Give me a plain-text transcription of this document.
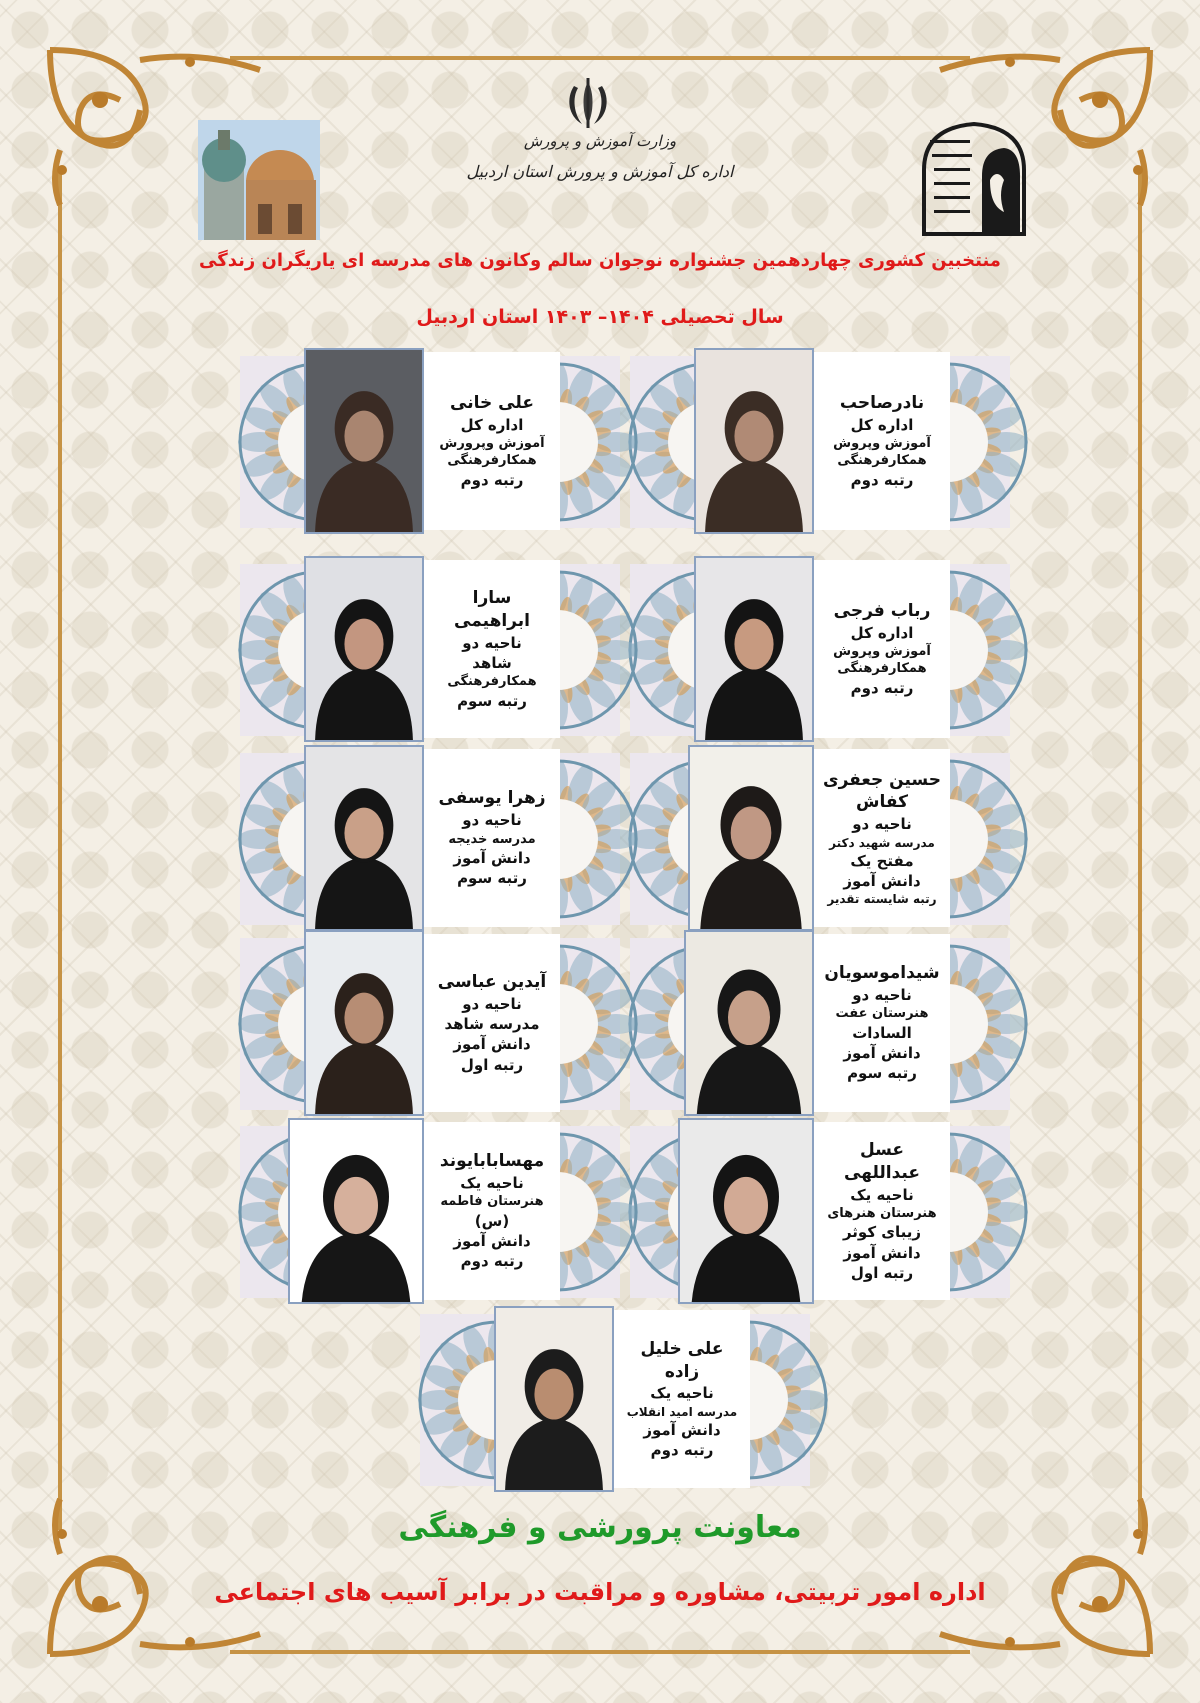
وزارت آموزش و پرورش
اداره کل آموزش و پرورش استان اردبیل
منتخبین کشوری چهاردهمین جشنواره نوجوان سالم وکانون های مدرسه ای یاریگران زندگی
سال تحصیلی ۱۴۰۴– ۱۴۰۳ استان اردبیل
نادرصاحب
اداره کل
آموزش وپروش
همکارفرهنگی
رتبه دوم
علی خانی
اداره کل
آموزش وپرورش
همکارفرهنگی
رتبه دوم
رباب فرجی
اداره کل
آموزش وپروش
همکارفرهنگی
رتبه دوم
سارا ابراهیمی
ناحیه دو
شاهد
همکارفرهنگی
رتبه سوم
حسین جعفری کفاش
ناحیه دو
مدرسه شهید دکتر
مفتح یک
دانش آموز
رتبه شایسته تقدیر
زهرا یوسفی
ناحیه دو
مدرسه خدیجه
دانش آموز
رتبه سوم
شیداموسویان
ناحیه دو
هنرستان عفت
السادات
دانش آموز
رتبه سوم
آیدین عباسی
ناحیه دو
مدرسه شاهد
دانش آموز
رتبه اول
عسل عبداللهی
ناحیه یک
هنرستان هنرهای
زیبای کوثر
دانش آموز
رتبه اول
مهسابابایوند
ناحیه یک
هنرستان فاطمه
(س)
دانش آموز
رتبه دوم
علی خلیل زاده
ناحیه یک
مدرسه امید انقلاب
دانش آموز
رتبه دوم
معاونت پرورشی و فرهنگی
اداره امور تربیتی، مشاوره و مراقبت در برابر آسیب های اجتماعی
